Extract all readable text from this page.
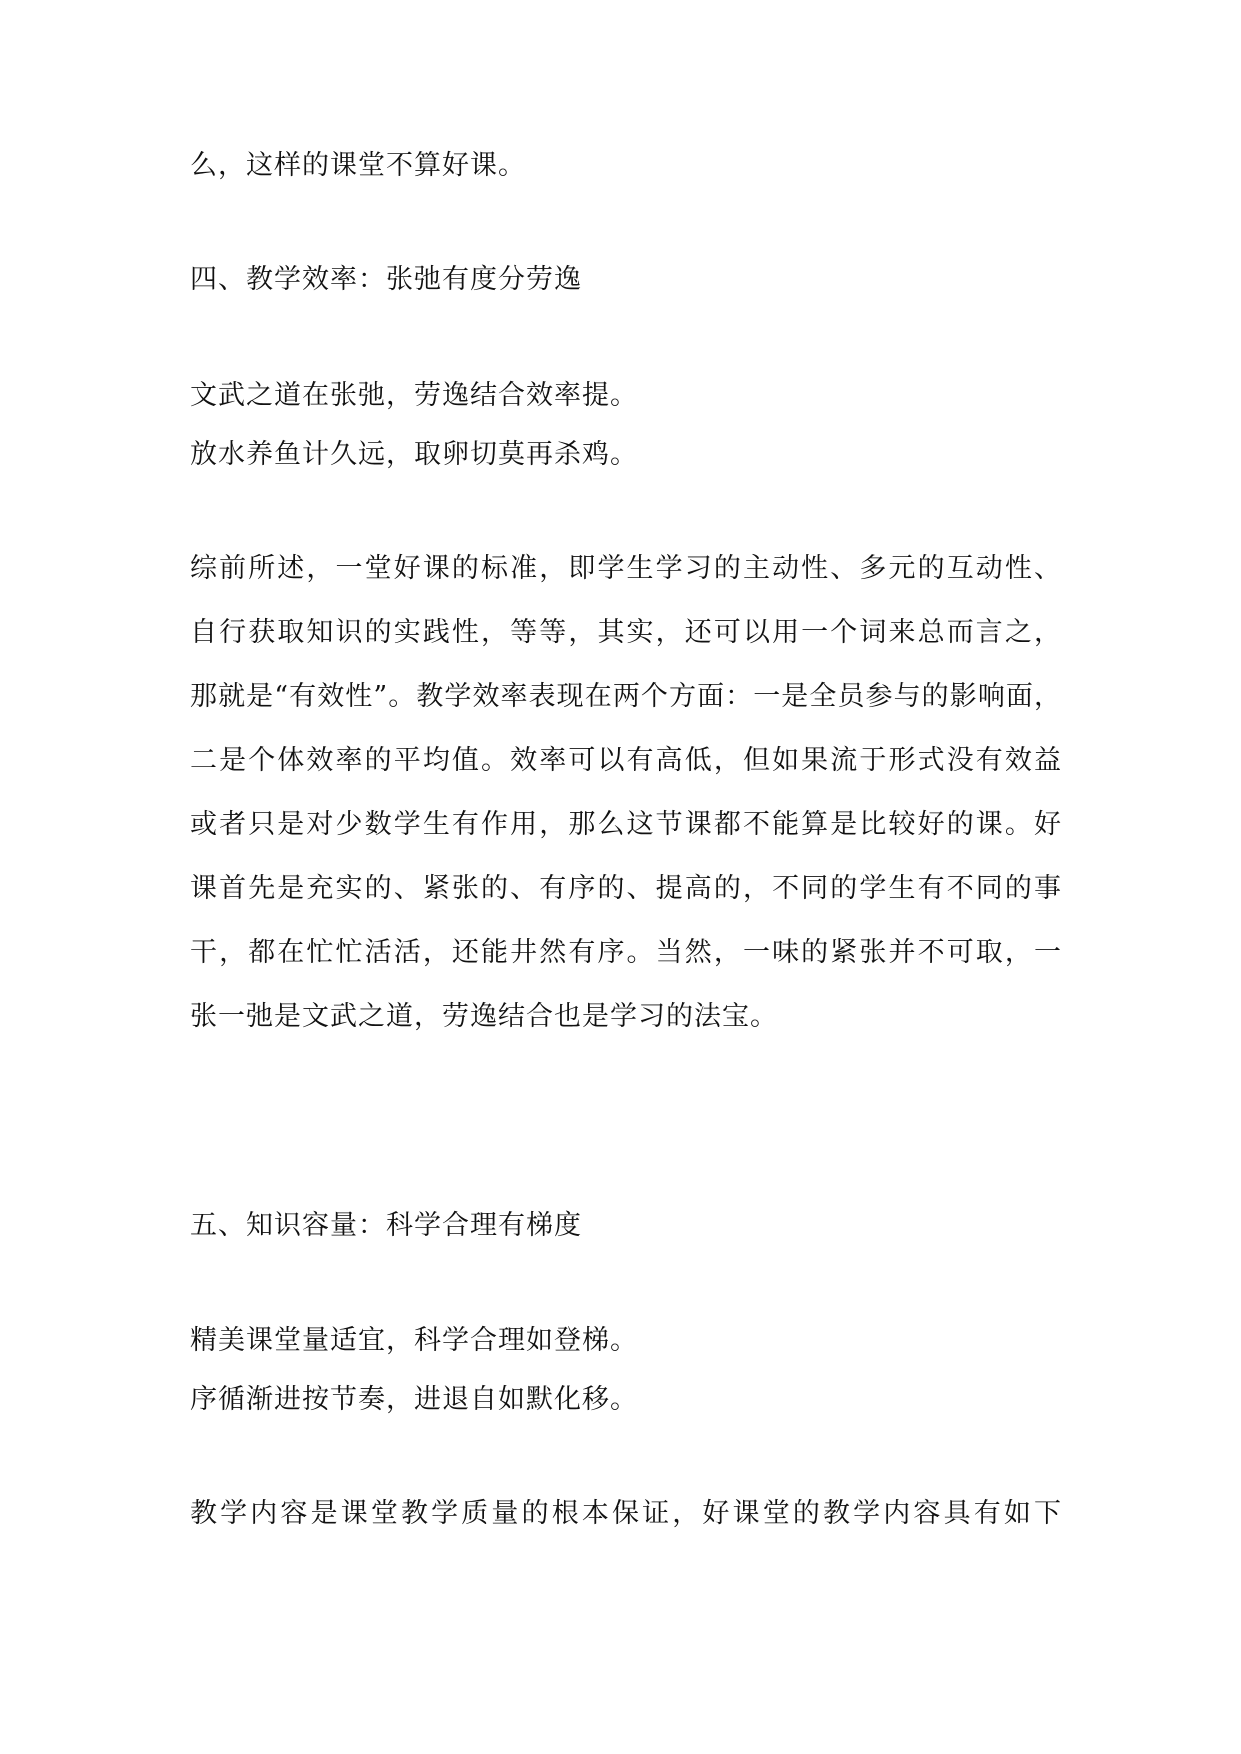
么，这样的课堂不算好课。
四、教学效率：张弛有度分劳逸
文武之道在张弛，劳逸结合效率提。
放水养鱼计久远，取卵切莫再杀鸡。
综前所述，一堂好课的标准，即学生学习的主动性、多元的互动性、
自行获取知识的实践性，等等，其实，还可以用一个词来总而言之，
那就是“有效性”。教学效率表现在两个方面：一是全员参与的影响面，
二是个体效率的平均值。效率可以有高低，但如果流于形式没有效益
或者只是对少数学生有作用，那么这节课都不能算是比较好的课。好
课首先是充实的、紧张的、有序的、提高的，不同的学生有不同的事
干，都在忙忙活活，还能井然有序。当然，一味的紧张并不可取，一
张一弛是文武之道，劳逸结合也是学习的法宝。
五、知识容量：科学合理有梯度
精美课堂量适宜，科学合理如登梯。
序循渐进按节奏，进退自如默化移。
教学内容是课堂教学质量的根本保证，好课堂的教学内容具有如下
